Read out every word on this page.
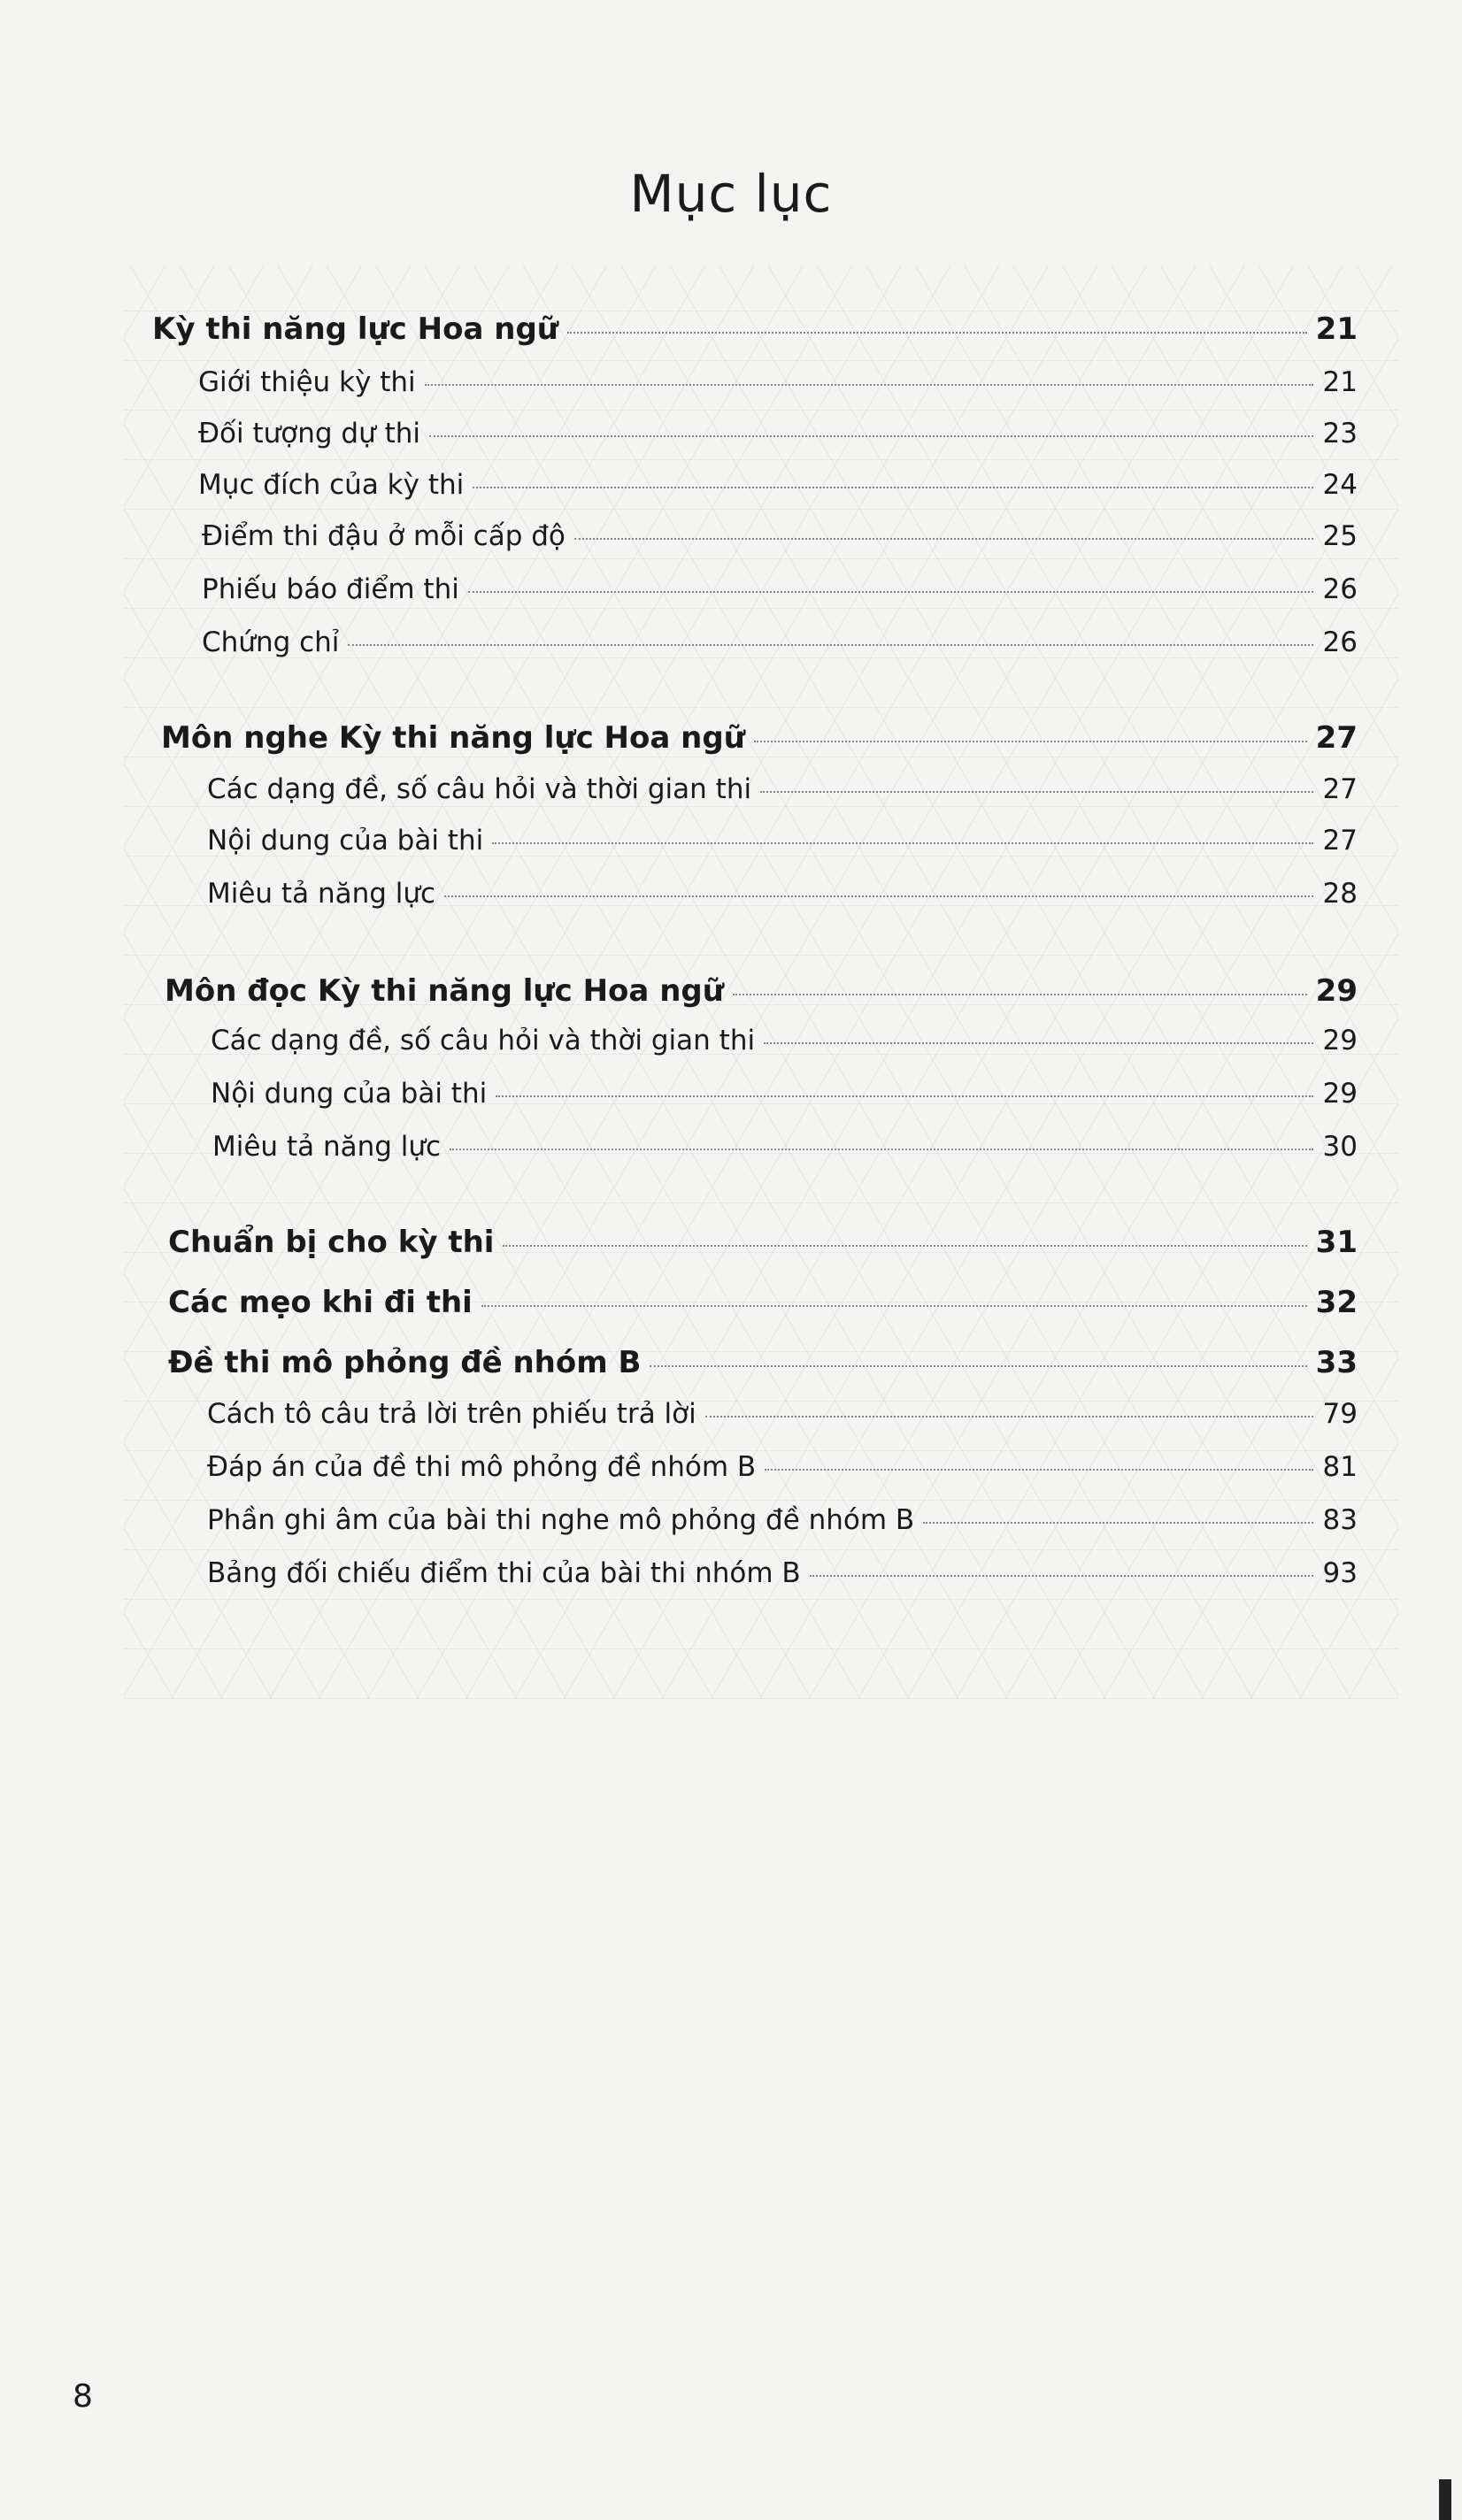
Mục lục
Kỳ thi năng lực Hoa ngữ	21
Giới thiệu kỳ thi	21
Đối tượng dự thi	23
Mục đích của kỳ thi	24
Điểm thi đậu ở mỗi cấp độ	25
Phiếu báo điểm thi	26
Chứng chỉ	26
Môn nghe Kỳ thi năng lực Hoa ngữ	27
Các dạng đề, số câu hỏi và thời gian thi	27
Nội dung của bài thi	27
Miêu tả năng lực	28
Môn đọc Kỳ thi năng lực Hoa ngữ	29
Các dạng đề, số câu hỏi và thời gian thi	29
Nội dung của bài thi	29
Miêu tả năng lực	30
Chuẩn bị cho kỳ thi	31
Các mẹo khi đi thi	32
Đề thi mô phỏng đề nhóm B	33
Cách tô câu trả lời trên phiếu trả lời	79
Đáp án của đề thi mô phỏng đề nhóm B	81
Phần ghi âm của bài thi nghe mô phỏng đề nhóm B	83
Bảng đối chiếu điểm thi của bài thi nhóm B	93
8
